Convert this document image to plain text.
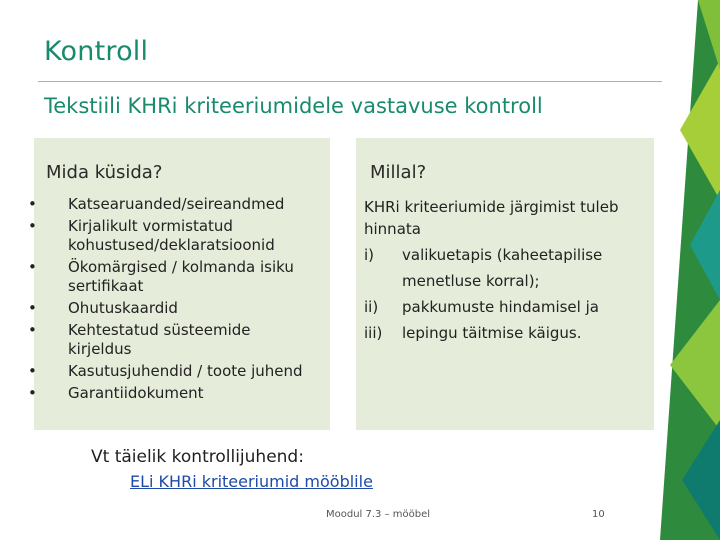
Kontroll
Tekstiili KHRi kriteeriumidele vastavuse kontroll
Mida küsida?
• Katsearuanded/seireandmed
• Kirjalikult vormistatud
kohustused/deklaratsioonid
• Ökomärgised / kolmanda isiku
sertifikaat
• Ohutuskaardid
• Kehtestatud süsteemide
kirjeldus
• Kasutusjuhendid / toote juhend
• Garantiidokument
Millal?

KHRi kriteeriumide järgimist tuleb
hinnata

i) valikuetapis (kaheetapilise
menetluse korral);
ii) pakkumuste hindamisel ja
iii) lepingu täitmise käigus.
Vt täielik kontrollijuhend:
ELi KHRi kriteeriumid mööblile
Moodul 7.3 – mööbel	10
